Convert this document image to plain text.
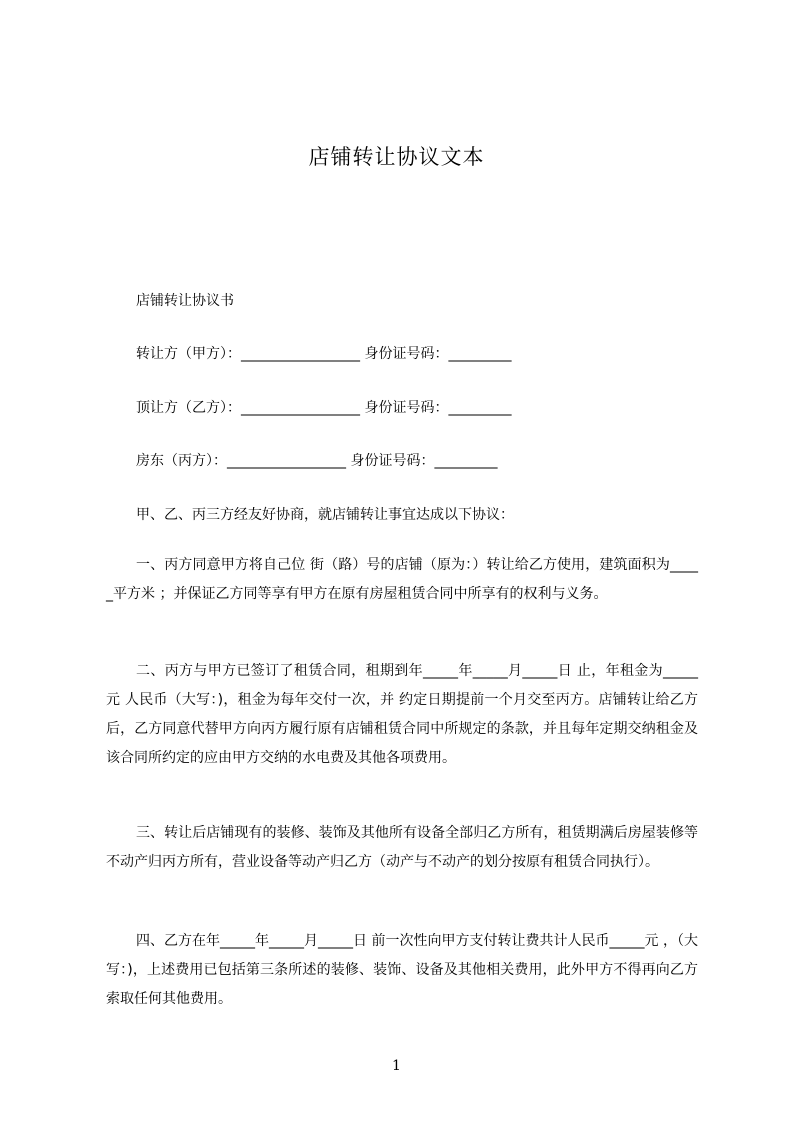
店铺转让协议文本
店铺转让协议书
转让方（甲方）：_________________ 身份证号码：_________
顶让方（乙方）：_________________ 身份证号码：_________
房东（丙方）：_________________ 身份证号码：_________
甲、乙、丙三方经友好协商，就店铺转让事宜达成以下协议：
一、丙方同意甲方将自己位 街（路）号的店铺（原为：）转让给乙方使用，建筑面积为_____平方米 ；并保证乙方同等享有甲方在原有房屋租赁合同中所享有的权利与义务。
二、丙方与甲方已签订了租赁合同，租期到年_____年_____月_____日 止，年租金为_____元 人民币（大写：)，租金为每年交付一次，并 约定日期提前一个月交至丙方。店铺转让给乙方后，乙方同意代替甲方向丙方履行原有店铺租赁合同中所规定的条款，并且每年定期交纳租金及该合同所约定的应由甲方交纳的水电费及其他各项费用。
三、转让后店铺现有的装修、装饰及其他所有设备全部归乙方所有，租赁期满后房屋装修等不动产归丙方所有，营业设备等动产归乙方（动产与不动产的划分按原有租赁合同执行）。
四、乙方在年_____年_____月_____日 前一次性向甲方支付转让费共计人民币_____元 ，（大写：)，上述费用已包括第三条所述的装修、装饰、设备及其他相关费用，此外甲方不得再向乙方索取任何其他费用。
1
